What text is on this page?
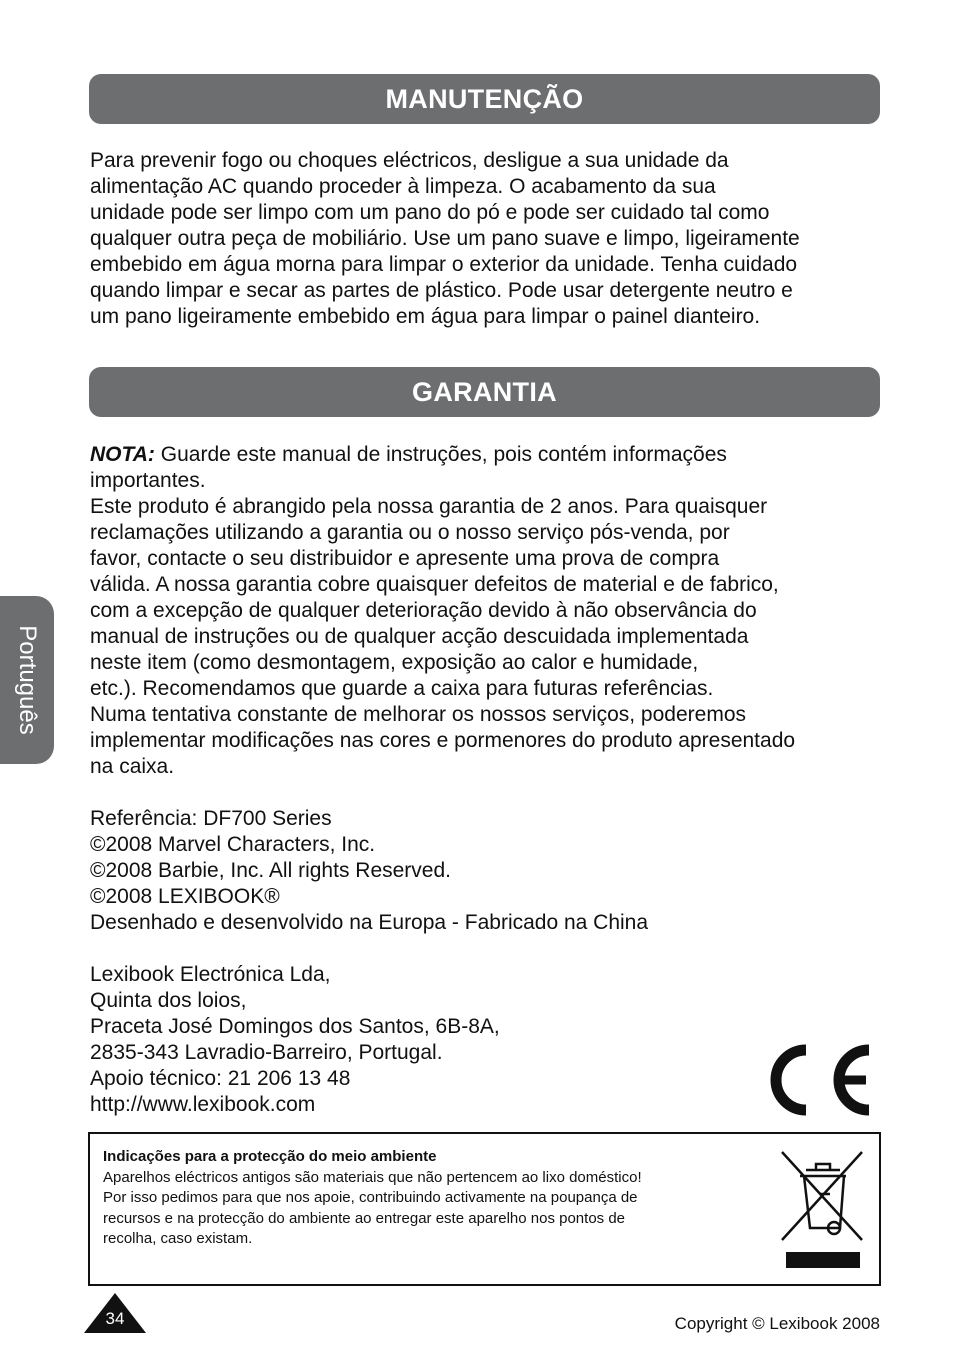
MANUTENÇÃO
Para prevenir fogo ou choques eléctricos, desligue a sua unidade da
alimentação AC quando proceder à limpeza. O acabamento da sua
unidade pode ser limpo com um pano do pó e pode ser cuidado tal como
qualquer outra peça de mobiliário. Use um pano suave e limpo, ligeiramente
embebido em água morna para limpar o exterior da unidade. Tenha cuidado
quando limpar e secar as partes de plástico. Pode usar detergente neutro e
um pano ligeiramente embebido em água para limpar o painel dianteiro.
GARANTIA
NOTA: Guarde este manual de instruções, pois contém informações
importantes.
Este produto é abrangido pela nossa garantia de 2 anos. Para quaisquer
reclamações utilizando a garantia ou o nosso serviço pós-venda, por
favor, contacte o seu distribuidor e apresente uma prova de compra
válida. A nossa garantia cobre quaisquer defeitos de material e de fabrico,
com a excepção de qualquer deterioração devido à não observância do
manual de instruções ou de qualquer acção descuidada implementada
neste item (como desmontagem, exposição ao calor e humidade,
etc.). Recomendamos que guarde a caixa para futuras referências.
Numa tentativa constante de melhorar os nossos serviços, poderemos
implementar modificações nas cores e pormenores do produto apresentado
na caixa.
Referência: DF700 Series
©2008 Marvel Characters, Inc.
©2008 Barbie, Inc. All rights Reserved.
©2008 LEXIBOOK®
Desenhado e desenvolvido na Europa - Fabricado na China
Lexibook Electrónica Lda,
Quinta dos loios,
Praceta José Domingos dos Santos, 6B-8A,
2835-343 Lavradio-Barreiro, Portugal.
Apoio técnico: 21 206 13 48
http://www.lexibook.com
Português
Indicações para a protecção do meio ambiente
Aparelhos eléctricos antigos são materiais que não pertencem ao lixo doméstico!
Por isso pedimos para que nos apoie, contribuindo activamente na poupança de
recursos e na protecção do ambiente ao entregar este aparelho nos pontos de
recolha, caso existam.
34	Copyright © Lexibook 2008
